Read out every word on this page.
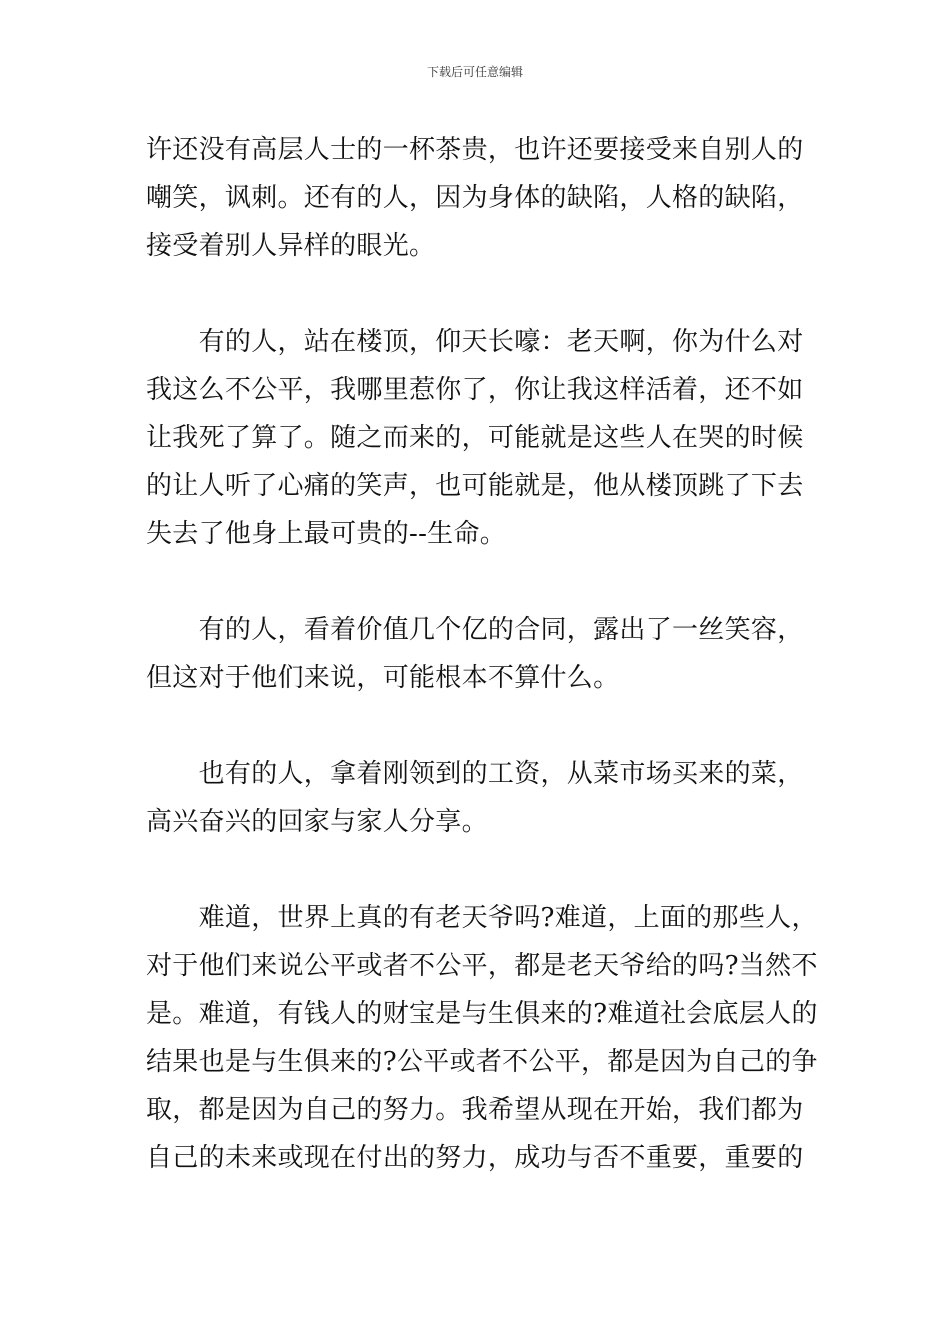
下载后可任意编辑
许还没有高层人士的一杯茶贵，也许还要接受来自别人的
嘲笑，讽刺。还有的人，因为身体的缺陷，人格的缺陷，
接受着别人异样的眼光。
　　有的人，站在楼顶，仰天长嚎：老天啊，你为什么对
我这么不公平，我哪里惹你了，你让我这样活着，还不如
让我死了算了。随之而来的，可能就是这些人在哭的时候
的让人听了心痛的笑声，也可能就是，他从楼顶跳了下去
失去了他身上最可贵的--生命。
　　有的人，看着价值几个亿的合同，露出了一丝笑容，
但这对于他们来说，可能根本不算什么。
　　也有的人，拿着刚领到的工资，从菜市场买来的菜，
高兴奋兴的回家与家人分享。
　　难道，世界上真的有老天爷吗?难道，上面的那些人，
对于他们来说公平或者不公平，都是老天爷给的吗?当然不
是。难道，有钱人的财宝是与生俱来的?难道社会底层人的
结果也是与生俱来的?公平或者不公平，都是因为自己的争
取，都是因为自己的努力。我希望从现在开始，我们都为
自己的未来或现在付出的努力，成功与否不重要，重要的
